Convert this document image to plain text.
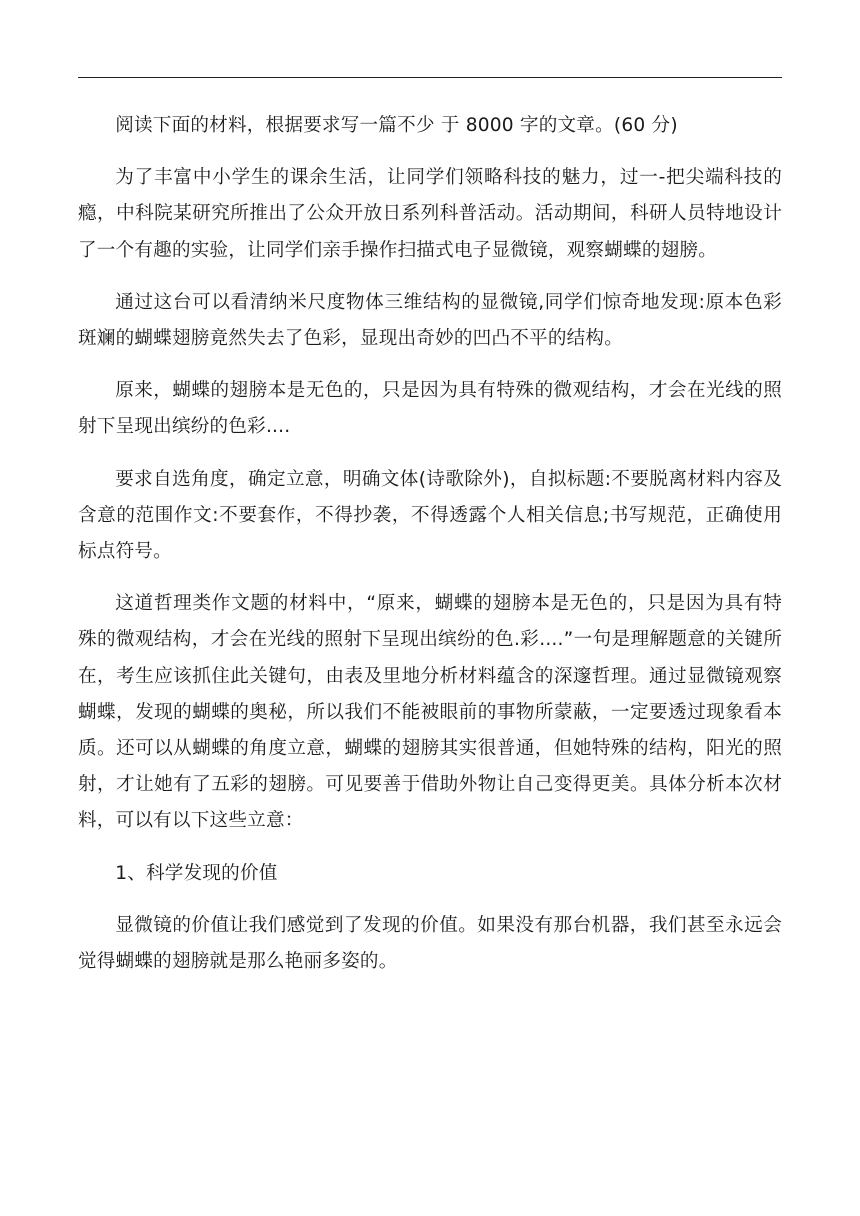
阅读下面的材料，根据要求写一篇不少 于 8000 字的文章。(60 分)

为了丰富中小学生的课余生活，让同学们领略科技的魅力，过一-把尖端科技的瘾，中科院某研究所推出了公众开放日系列科普活动。活动期间，科研人员特地设计了一个有趣的实验，让同学们亲手操作扫描式电子显微镜，观察蝴蝶的翅膀。

通过这台可以看清纳米尺度物体三维结构的显微镜,同学们惊奇地发现:原本色彩斑斓的蝴蝶翅膀竟然失去了色彩，显现出奇妙的凹凸不平的结构。

原来，蝴蝶的翅膀本是无色的，只是因为具有特殊的微观结构，才会在光线的照射下呈现出缤纷的色彩....

要求自选角度，确定立意，明确文体(诗歌除外)，自拟标题:不要脱离材料内容及含意的范围作文:不要套作，不得抄袭，不得透露个人相关信息;书写规范，正确使用标点符号。

这道哲理类作文题的材料中，“原来，蝴蝶的翅膀本是无色的，只是因为具有特殊的微观结构，才会在光线的照射下呈现出缤纷的色.彩....”一句是理解题意的关键所在，考生应该抓住此关键句，由表及里地分析材料蕴含的深邃哲理。通过显微镜观察蝴蝶，发现的蝴蝶的奥秘，所以我们不能被眼前的事物所蒙蔽，一定要透过现象看本质。还可以从蝴蝶的角度立意，蝴蝶的翅膀其实很普通，但她特殊的结构，阳光的照射，才让她有了五彩的翅膀。可见要善于借助外物让自己变得更美。具体分析本次材料，可以有以下这些立意：

1、科学发现的价值

显微镜的价值让我们感觉到了发现的价值。如果没有那台机器，我们甚至永远会觉得蝴蝶的翅膀就是那么艳丽多姿的。
